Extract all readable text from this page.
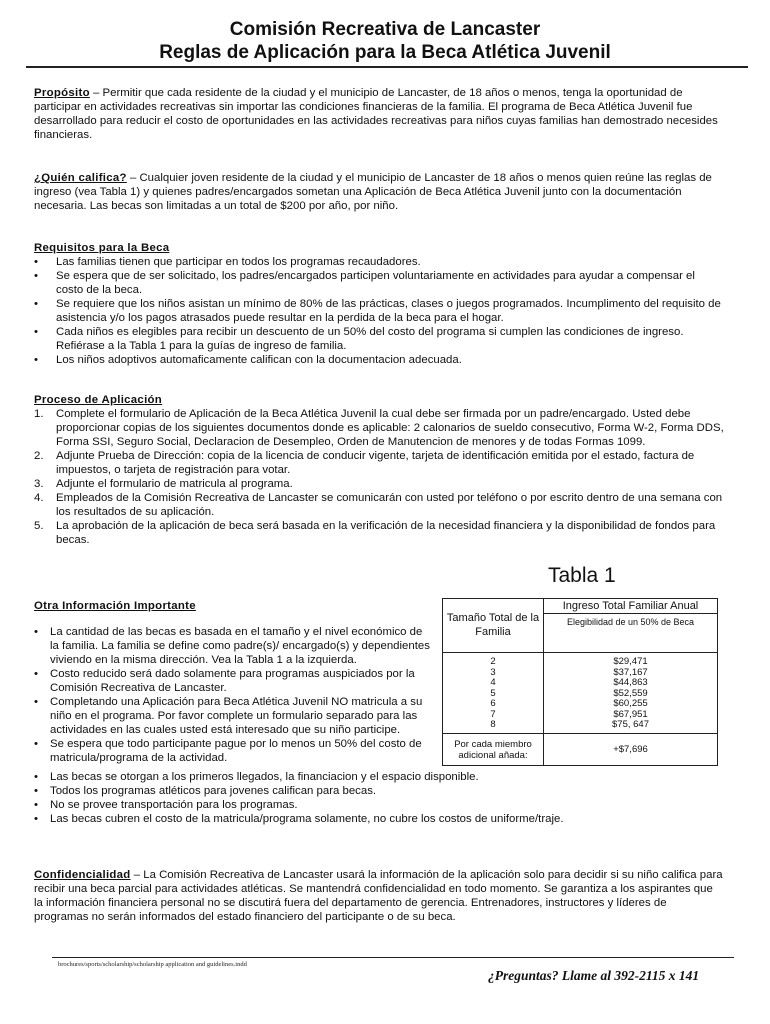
Comisión Recreativa de Lancaster
Reglas de Aplicación para la Beca Atlética Juvenil

Propósito – Permitir que cada residente de la ciudad y el municipio de Lancaster, de 18 años o menos, tenga la oportunidad de participar en actividades recreativas sin importar las condiciones financieras de la familia. El programa de Beca Atlética Juvenil fue desarrollado para reducir el costo de oportunidades en las actividades recreativas para niños cuyas familias han demostrado necesides financieras.

¿Quién califica? – Cualquier joven residente de la ciudad y el municipio de Lancaster de 18 años o menos quien reúne las reglas de ingreso (vea Tabla 1) y quienes padres/encargados sometan una Aplicación de Beca Atlética Juvenil junto con la documentación necesaria. Las becas son limitadas a un total de $200 por año, por niño.

Requisitos para la Beca

• Las familias tienen que participar en todos los programas recaudadores.
• Se espera que de ser solicitado, los padres/encargados participen voluntariamente en actividades para ayudar a compensar el costo de la beca.
• Se requiere que los niños asistan un mínimo de 80% de las prácticas, clases o juegos programados. Incumplimento del requisito de asistencia y/o los pagos atrasados puede resultar en la perdida de la beca para el hogar.
• Cada niños es elegibles para recibir un descuento de un 50% del costo del programa si cumplen las condiciones de ingreso. Refiérase a la Tabla 1 para la guías de ingreso de familia.
• Los niños adoptivos automaficamente califican con la documentacion adecuada.

Proceso de Aplicación

1. Complete el formulario de Aplicación de la Beca Atlética Juvenil la cual debe ser firmada por un padre/encargado. Usted debe proporcionar copias de los siguientes documentos donde es aplicable: 2 calonarios de sueldo consecutivo, Forma W-2, Forma DDS, Forma SSI, Seguro Social, Declaracion de Desempleo, Orden de Manutencion de menores y de todas Formas 1099.
2. Adjunte Prueba de Dirección: copia de la licencia de conducir vigente, tarjeta de identificación emitida por el estado, factura de impuestos, o tarjeta de registración para votar.
3. Adjunte el formulario de matricula al programa.
4. Empleados de la Comisión Recreativa de Lancaster se comunicarán con usted por teléfono o por escrito dentro de una semana con los resultados de su aplicación.
5. La aprobación de la aplicación de beca será basada en la verificación de la necesidad financiera y la disponibilidad de fondos para becas.
Tabla 1
Tamaño Total de la Familia
Ingreso Total Familiar Anual
Elegibilidad de un 50% de Beca
2
3
4
5
6
7
8
$29,471
$37,167
$44,863
$52,559
$60,255
$67,951
$75, 647
Por cada miembro adicional añada:
+$7,696

Otra Información Importante

• La cantidad de las becas es basada en el tamaño y el nivel económico de la familia. La familia se define como padre(s)/ encargado(s) y dependientes viviendo en la misma dirección. Vea la Tabla 1 a la izquierda.
• Costo reducido será dado solamente para programas auspiciados por la Comisión Recreativa de Lancaster.
• Completando una Aplicación para Beca Atlética Juvenil NO matricula a su niño en el programa. Por favor complete un formulario separado para las actividades en las cuales usted está interesado que su niño participe.
• Se espera que todo participante pague por lo menos un 50% del costo de matricula/programa de la actividad.
• Las becas se otorgan a los primeros llegados, la financiacion y el espacio disponible.
• Todos los programas atléticos para jovenes califican para becas.
• No se provee transportación para los programas.
• Las becas cubren el costo de la matricula/programa solamente, no cubre los costos de uniforme/traje.

Confidencialidad – La Comisión Recreativa de Lancaster usará la información de la aplicación solo para decidir si su niño califica para recibir una beca parcial para actividades atléticas. Se mantendrá confidencialidad en todo momento. Se garantiza a los aspirantes que la información financiera personal no se discutirá fuera del departamento de gerencia. Entrenadores, instructores y líderes de programas no serán informados del estado financiero del participante o de su beca.

brochures/sports/scholarship/scholarship application and guidelines.indd
¿Preguntas? Llame al 392-2115 x 141
